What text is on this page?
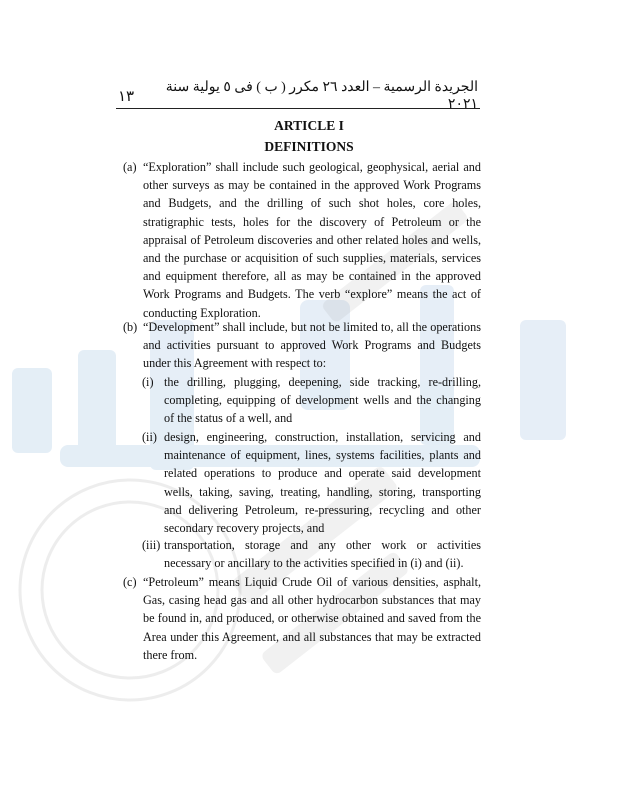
١٣
الجريدة الرسمية – العدد ٢٦ مكرر ( ب ) فى ٥ يولية سنة ٢٠٢١
ARTICLE I
DEFINITIONS
(a) “Exploration” shall include such geological, geophysical, aerial and other surveys as may be contained in the approved Work Programs and Budgets, and the drilling of such shot holes, core holes, stratigraphic tests, holes for the discovery of Petroleum or the appraisal of Petroleum discoveries and other related holes and wells, and the purchase or acquisition of such supplies, materials, services and equipment therefore, all as may be contained in the approved Work Programs and Budgets. The verb “explore” means the act of conducting Exploration.
(b) “Development” shall include, but not be limited to, all the operations and activities pursuant to approved Work Programs and Budgets under this Agreement with respect to:
(i) the drilling, plugging, deepening, side tracking, re-drilling, completing, equipping of development wells and the changing of the status of a well, and
(ii) design, engineering, construction, installation, servicing and maintenance of equipment, lines, systems facilities, plants and related operations to produce and operate said development wells, taking, saving, treating, handling, storing, transporting and delivering Petroleum, re-pressuring, recycling and other secondary recovery projects, and
(iii) transportation, storage and any other work or activities necessary or ancillary to the activities specified in (i) and (ii).
(c) “Petroleum” means Liquid Crude Oil of various densities, asphalt, Gas, casing head gas and all other hydrocarbon substances that may be found in, and produced, or otherwise obtained and saved from the Area under this Agreement, and all substances that may be extracted there from.
